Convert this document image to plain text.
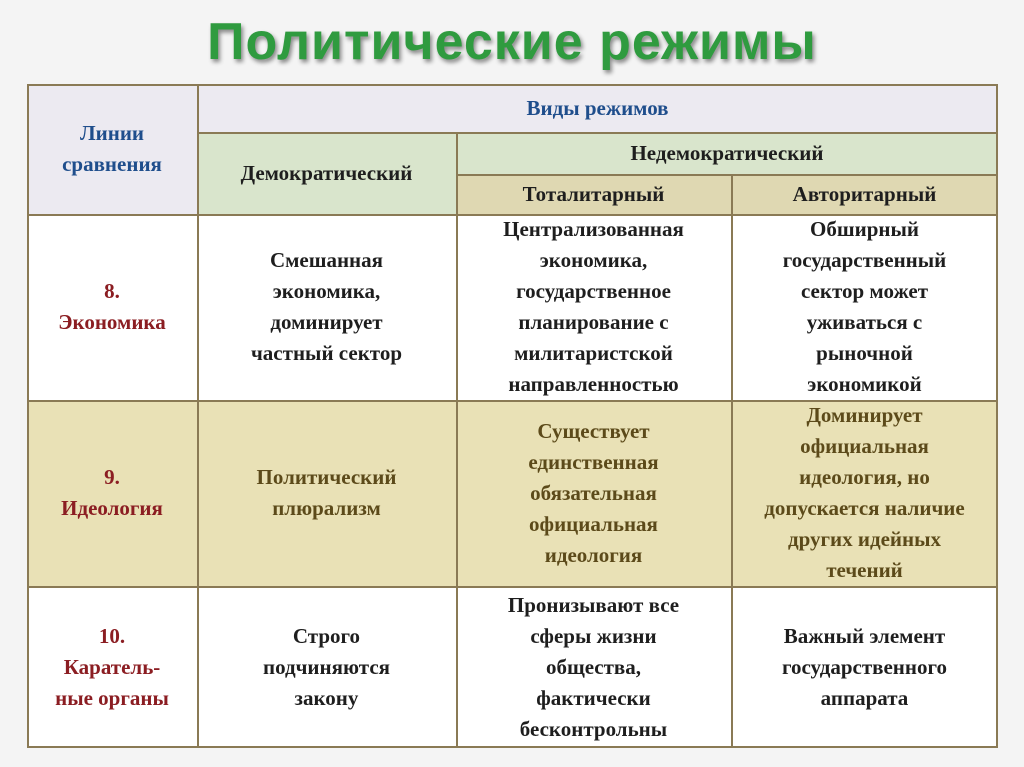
Политические режимы
Линии
сравнения
Виды режимов
Демократический
Недемократический
Тоталитарный	Авторитарный
8.
Экономика
Смешанная
экономика,
доминирует
частный сектор
Централизованная
экономика,
государственное
планирование с
милитаристской
направленностью
Обширный
государственный
сектор может
уживаться с
рыночной
экономикой
9.
Идеология
Политический
плюрализм
Существует
единственная
обязательная
официальная
идеология
Доминирует
официальная
идеология, но
допускается наличие
других идейных
течений
10.
Каратель-
ные органы
Строго
подчиняются
закону
Пронизывают все
сферы жизни
общества,
фактически
бесконтрольны
Важный элемент
государственного
аппарата
